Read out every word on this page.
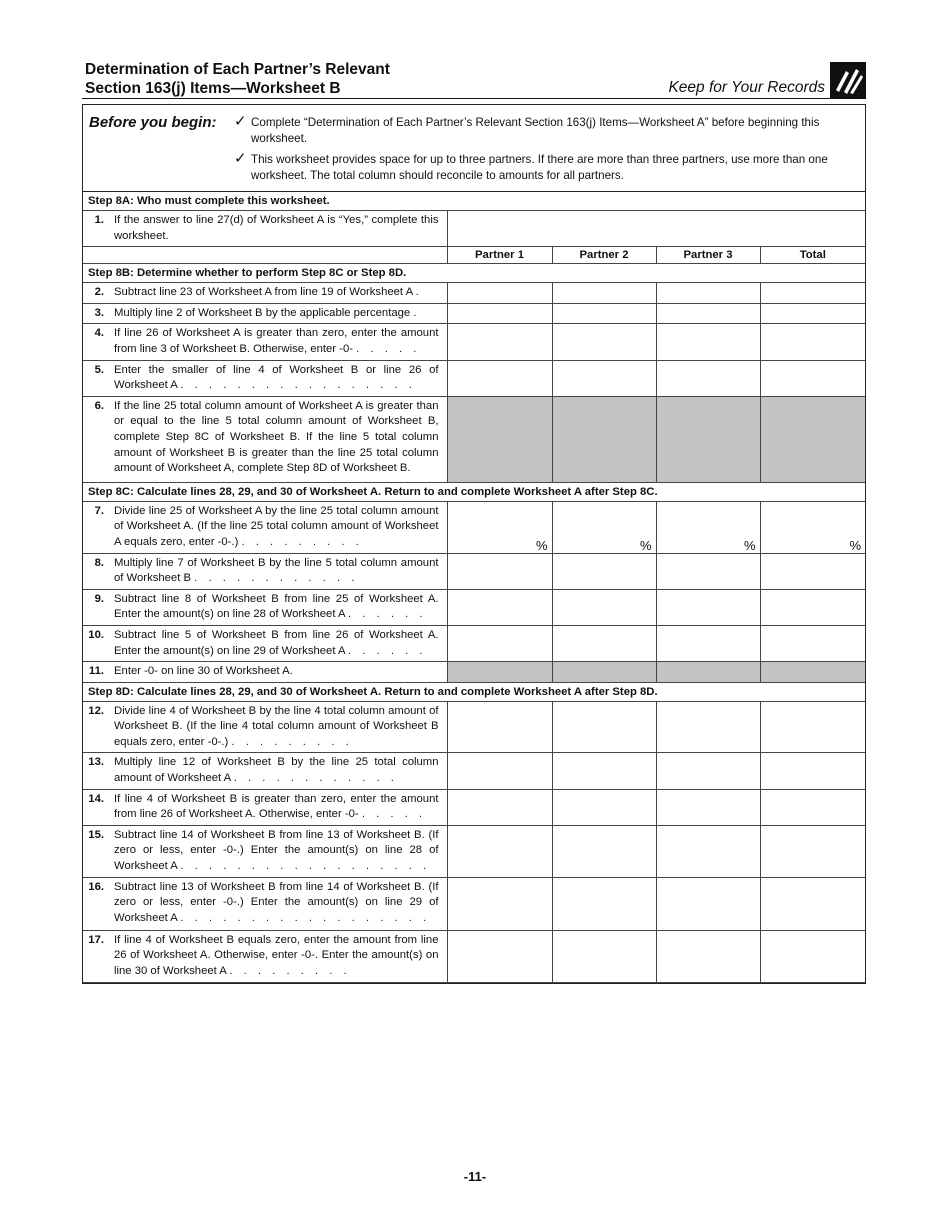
Determination of Each Partner’s Relevant
Section 163(j) Items—Worksheet B	Keep for Your Records
Before you begin: ✓ Complete “Determination of Each Partner’s Relevant Section 163(j) Items—Worksheet A” before beginning this worksheet.
✓ This worksheet provides space for up to three partners. If there are more than three partners, use more than one worksheet. The total column should reconcile to amounts for all partners.
Step 8A: Who must complete this worksheet.				

1. If the answer to line 27(d) of Worksheet A is “Yes,” complete this worksheet.				
	Partner 1	Partner 2	Partner 3	Total
Step 8B: Determine whether to perform Step 8C or Step 8D.				

2. Subtract line 23 of Worksheet A from line 19 of Worksheet A .				

3. Multiply line 2 of Worksheet B by the applicable percentage .				

4. If line 26 of Worksheet A is greater than zero, enter the amount from line 3 of Worksheet B. Otherwise, enter -0- . . . . .				

5. Enter the smaller of line 4 of Worksheet B or line 26 of Worksheet A . . . . . . . . . . . . . . . . .				

6. If the line 25 total column amount of Worksheet A is greater than or equal to the line 5 total column amount of Worksheet B, complete Step 8C of Worksheet B. If the line 5 total column amount of Worksheet B is greater than the line 25 total column amount of Worksheet A, complete Step 8D of Worksheet B.				
Step 8C: Calculate lines 28, 29, and 30 of Worksheet A. Return to and complete Worksheet A after Step 8C.				

7. Divide line 25 of Worksheet A by the line 25 total column amount of Worksheet A. (If the line 25 total column amount of Worksheet A equals zero, enter -0-.) . . . . . . . . .	%	%	%	%

8. Multiply line 7 of Worksheet B by the line 5 total column amount of Worksheet B . . . . . . . . . . . .				

9. Subtract line 8 of Worksheet B from line 25 of Worksheet A. Enter the amount(s) on line 28 of Worksheet A . . . . . .				

10. Subtract line 5 of Worksheet B from line 26 of Worksheet A. Enter the amount(s) on line 29 of Worksheet A . . . . . .				

11. Enter -0- on line 30 of Worksheet A.				
Step 8D: Calculate lines 28, 29, and 30 of Worksheet A. Return to and complete Worksheet A after Step 8D.				

12. Divide line 4 of Worksheet B by the line 4 total column amount of Worksheet B. (If the line 4 total column amount of Worksheet B equals zero, enter -0-.) . . . . . . . . .				

13. Multiply line 12 of Worksheet B by the line 25 total column amount of Worksheet A . . . . . . . . . . . .				

14. If line 4 of Worksheet B is greater than zero, enter the amount from line 26 of Worksheet A. Otherwise, enter -0- . . . . .				

15. Subtract line 14 of Worksheet B from line 13 of Worksheet B. (If zero or less, enter -0-.) Enter the amount(s) on line 28 of Worksheet A . . . . . . . . . . . . . . . . . .				

16. Subtract line 13 of Worksheet B from line 14 of Worksheet B. (If zero or less, enter -0-.) Enter the amount(s) on line 29 of Worksheet A . . . . . . . . . . . . . . . . . .				

17. If line 4 of Worksheet B equals zero, enter the amount from line 26 of Worksheet A. Otherwise, enter -0-. Enter the amount(s) on line 30 of Worksheet A . . . . . . . . .				
-11-
